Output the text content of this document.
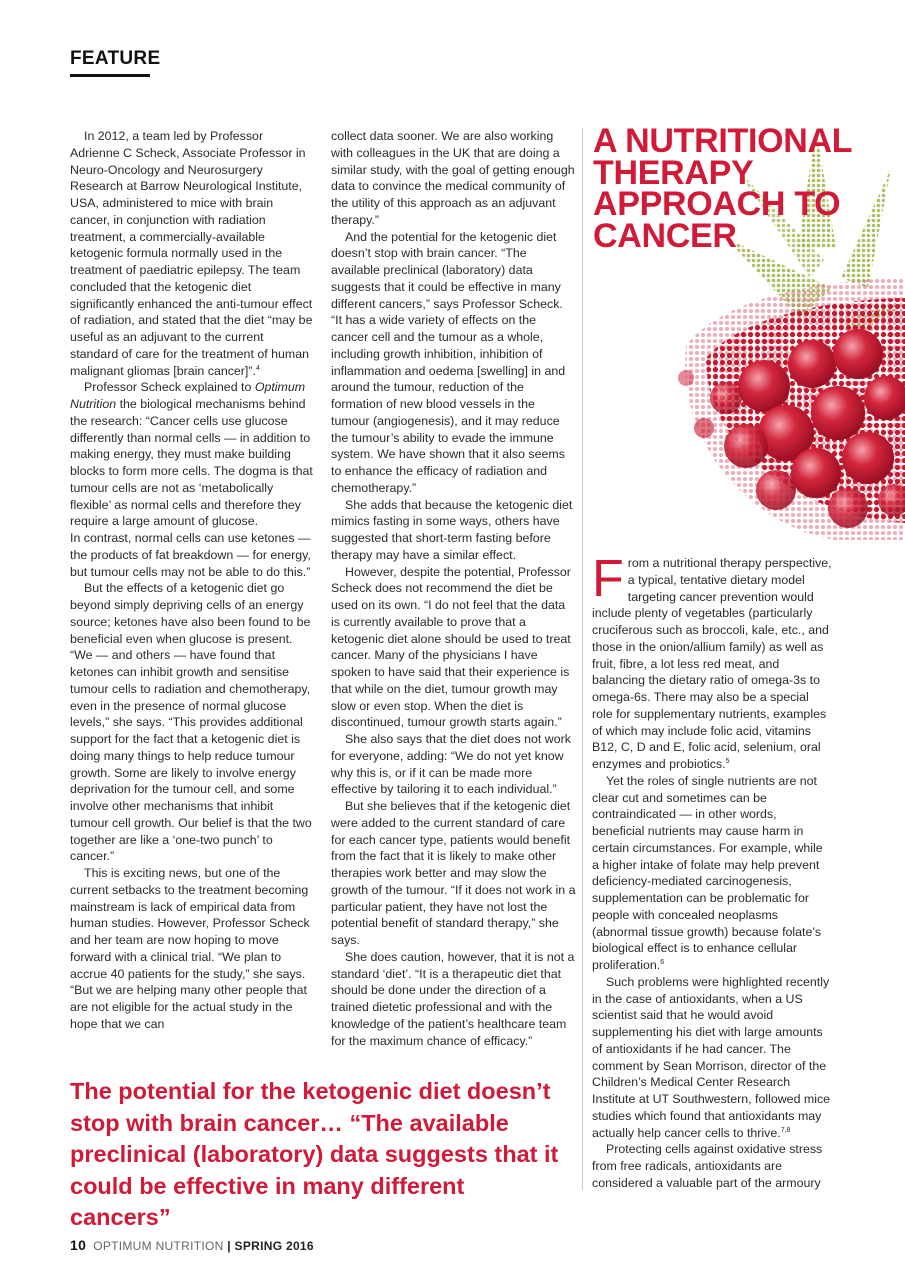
FEATURE

In 2012, a team led by Professor Adrienne C Scheck, Associate Professor in Neuro-Oncology and Neurosurgery Research at Barrow Neurological Institute, USA, administered to mice with brain cancer, in conjunction with radiation treatment, a commercially-available ketogenic formula normally used in the treatment of paediatric epilepsy. The team concluded that the ketogenic diet significantly enhanced the anti-tumour effect of radiation, and stated that the diet “may be useful as an adjuvant to the current standard of care for the treatment of human malignant gliomas [brain cancer]”.$^4$

Professor Scheck explained to Optimum Nutrition the biological mechanisms behind the research: “Cancer cells use glucose differently than normal cells — in addition to making energy, they must make building blocks to form more cells. The dogma is that tumour cells are not as ‘metabolically flexible’ as normal cells and therefore they require a large amount of glucose.

In contrast, normal cells can use ketones — the products of fat breakdown — for energy, but tumour cells may not be able to do this.”

But the effects of a ketogenic diet go beyond simply depriving cells of an energy source; ketones have also been found to be beneficial even when glucose is present. “We — and others — have found that ketones can inhibit growth and sensitise tumour cells to radiation and chemotherapy, even in the presence of normal glucose levels,” she says. “This provides additional support for the fact that a ketogenic diet is doing many things to help reduce tumour growth. Some are likely to involve energy deprivation for the tumour cell, and some involve other mechanisms that inhibit tumour cell growth. Our belief is that the two together are like a ‘one-two punch’ to cancer.”

This is exciting news, but one of the current setbacks to the treatment becoming mainstream is lack of empirical data from human studies. However, Professor Scheck and her team are now hoping to move forward with a clinical trial. “We plan to accrue 40 patients for the study,” she says. “But we are helping many other people that are not eligible for the actual study in the hope that we can

collect data sooner. We are also working with colleagues in the UK that are doing a similar study, with the goal of getting enough data to convince the medical community of the utility of this approach as an adjuvant therapy.”

And the potential for the ketogenic diet doesn’t stop with brain cancer. “The available preclinical (laboratory) data suggests that it could be effective in many different cancers,” says Professor Scheck. “It has a wide variety of effects on the cancer cell and the tumour as a whole, including growth inhibition, inhibition of inflammation and oedema [swelling] in and around the tumour, reduction of the formation of new blood vessels in the tumour (angiogenesis), and it may reduce the tumour’s ability to evade the immune system. We have shown that it also seems to enhance the efficacy of radiation and chemotherapy.”

She adds that because the ketogenic diet mimics fasting in some ways, others have suggested that short-term fasting before therapy may have a similar effect.

However, despite the potential, Professor Scheck does not recommend the diet be used on its own. “I do not feel that the data is currently available to prove that a ketogenic diet alone should be used to treat cancer. Many of the physicians I have spoken to have said that their experience is that while on the diet, tumour growth may slow or even stop. When the diet is discontinued, tumour growth starts again.”

She also says that the diet does not work for everyone, adding: “We do not yet know why this is, or if it can be made more effective by tailoring it to each individual.”

But she believes that if the ketogenic diet were added to the current standard of care for each cancer type, patients would benefit from the fact that it is likely to make other therapies work better and may slow the growth of the tumour. “If it does not work in a particular patient, they have not lost the potential benefit of standard therapy,” she says.

She does caution, however, that it is not a standard ‘diet’. “It is a therapeutic diet that should be done under the direction of a trained dietetic professional and with the knowledge of the patient’s healthcare team for the maximum chance of efficacy.”

A NUTRITIONAL THERAPY APPROACH TO CANCER

From a nutritional therapy perspective, a typical, tentative dietary model targeting cancer prevention would include plenty of vegetables (particularly cruciferous such as broccoli, kale, etc., and those in the onion/allium family) as well as fruit, fibre, a lot less red meat, and balancing the dietary ratio of omega-3s to omega-6s. There may also be a special role for supplementary nutrients, examples of which may include folic acid, vitamins B12, C, D and E, folic acid, selenium, oral enzymes and probiotics.$^5$

Yet the roles of single nutrients are not clear cut and sometimes can be contraindicated — in other words, beneficial nutrients may cause harm in certain circumstances. For example, while a higher intake of folate may help prevent deficiency-mediated carcinogenesis, supplementation can be problematic for people with concealed neoplasms (abnormal tissue growth) because folate’s biological effect is to enhance cellular proliferation.$^6$

Such problems were highlighted recently in the case of antioxidants, when a US scientist said that he would avoid supplementing his diet with large amounts of antioxidants if he had cancer. The comment by Sean Morrison, director of the Children’s Medical Center Research Institute at UT Southwestern, followed mice studies which found that antioxidants may actually help cancer cells to thrive.$^{7,8}$

Protecting cells against oxidative stress from free radicals, antioxidants are considered a valuable part of the armoury

The potential for the ketogenic diet doesn’t stop with brain cancer… “The available preclinical (laboratory) data suggests that it could be effective in many different cancers”

10 OPTIMUM NUTRITION | SPRING 2016
